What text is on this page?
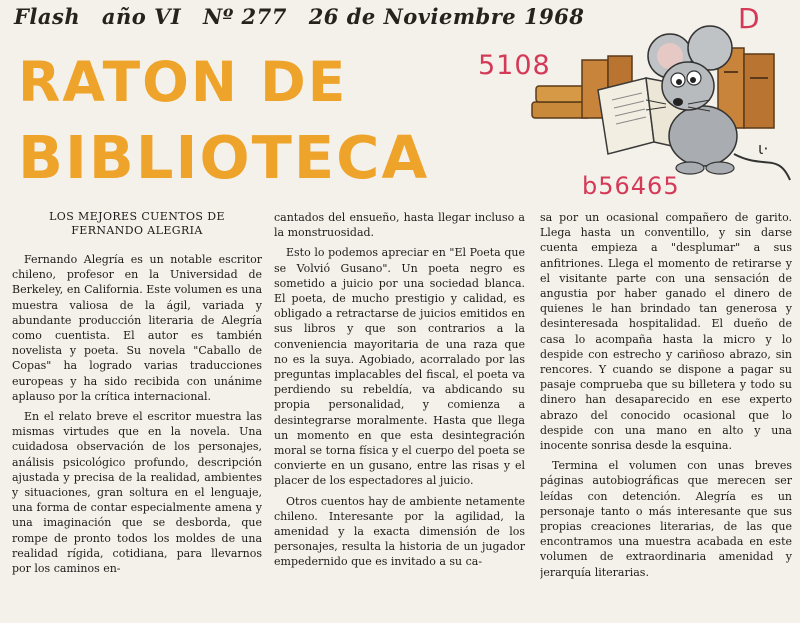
Flash año VI Nº 277 26 de Noviembre 1968	D
5108
b56465
RATON DE
BIBLIOTECA	ɩ·
LOS MEJORES CUENTOS DE
FERNANDO ALEGRIA

Fernando Alegría es un notable escritor chileno, profesor en la Universidad de Berkeley, en California. Este volumen es una muestra valiosa de la ágil, variada y abundante producción literaria de Alegría como cuentista. El autor es también novelista y poeta. Su novela "Caballo de Copas" ha logrado varias traducciones europeas y ha sido recibida con unánime aplauso por la crítica internacional.

En el relato breve el escritor muestra las mismas virtudes que en la novela. Una cuidadosa observación de los personajes, análisis psicológico profundo, descripción ajustada y precisa de la realidad, ambientes y situaciones, gran soltura en el lenguaje, una forma de contar especialmente amena y una imaginación que se desborda, que rompe de pronto todos los moldes de una realidad rígida, cotidiana, para llevarnos por los caminos en-

cantados del ensueño, hasta llegar incluso a la monstruosidad.

Esto lo podemos apreciar en "El Poeta que se Volvió Gusano". Un poeta negro es sometido a juicio por una sociedad blanca. El poeta, de mucho prestigio y calidad, es obligado a retractarse de juicios emitidos en sus libros y que son contrarios a la conveniencia mayoritaria de una raza que no es la suya. Agobiado, acorralado por las preguntas implacables del fiscal, el poeta va perdiendo su rebeldía, va abdicando su propia personalidad, y comienza a desintegrarse moralmente. Hasta que llega un momento en que esta desintegración moral se torna física y el cuerpo del poeta se convierte en un gusano, entre las risas y el placer de los espectadores al juicio.

Otros cuentos hay de ambiente netamente chileno. Interesante por la agilidad, la amenidad y la exacta dimensión de los personajes, resulta la historia de un jugador empedernido que es invitado a su ca-

sa por un ocasional compañero de garito. Llega hasta un conventillo, y sin darse cuenta empieza a "desplumar" a sus anfitriones. Llega el momento de retirarse y el visitante parte con una sensación de angustia por haber ganado el dinero de quienes le han brindado tan generosa y desinteresada hospitalidad. El dueño de casa lo acompaña hasta la micro y lo despide con estrecho y cariñoso abrazo, sin rencores. Y cuando se dispone a pagar su pasaje comprueba que su billetera y todo su dinero han desaparecido en ese experto abrazo del conocido ocasional que lo despide con una mano en alto y una inocente sonrisa desde la esquina.

Termina el volumen con unas breves páginas autobiográficas que merecen ser leídas con detención. Alegría es un personaje tanto o más interesante que sus propias creaciones literarias, de las que encontramos una muestra acabada en este volumen de extraordinaria amenidad y jerarquía literarias.
